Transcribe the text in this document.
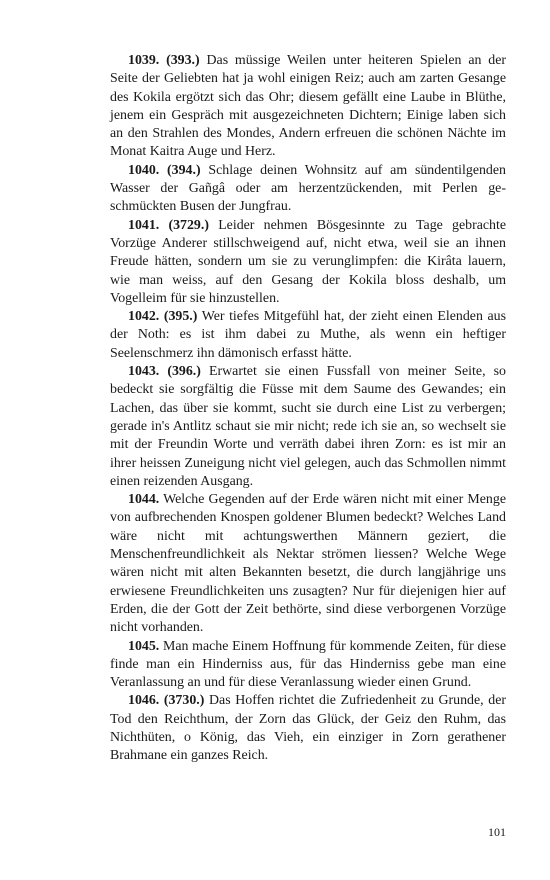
1039. (393.) Das müssige Weilen unter heiteren Spielen an der Seite der Geliebten hat ja wohl einigen Reiz; auch am zarten Gesange des Kokila ergötzt sich das Ohr; diesem gefällt eine Laube in Blüthe, jenem ein Gespräch mit ausgezeichneten Dichtern; Einige laben sich an den Strahlen des Mondes, Andern erfreuen die schönen Nächte im Monat Kaitra Auge und Herz.

1040. (394.) Schlage deinen Wohnsitz auf am sündentilgenden Wasser der Gañgâ oder am herzentzückenden, mit Perlen geschmückten Busen der Jungfrau.

1041. (3729.) Leider nehmen Bösgesinnte zu Tage gebrachte Vorzüge Anderer stillschweigend auf, nicht etwa, weil sie an ihnen Freude hätten, sondern um sie zu verunglimpfen: die Kirâta lauern, wie man weiss, auf den Gesang der Kokila bloss deshalb, um Vogelleim für sie hinzustellen.

1042. (395.) Wer tiefes Mitgefühl hat, der zieht einen Elenden aus der Noth: es ist ihm dabei zu Muthe, als wenn ein heftiger Seelenschmerz ihn dämonisch erfasst hätte.

1043. (396.) Erwartet sie einen Fussfall von meiner Seite, so bedeckt sie sorgfältig die Füsse mit dem Saume des Gewandes; ein Lachen, das über sie kommt, sucht sie durch eine List zu verbergen; gerade in's Antlitz schaut sie mir nicht; rede ich sie an, so wechselt sie mit der Freundin Worte und verräth dabei ihren Zorn: es ist mir an ihrer heissen Zuneigung nicht viel gelegen, auch das Schmollen nimmt einen reizenden Ausgang.

1044. Welche Gegenden auf der Erde wären nicht mit einer Menge von aufbrechenden Knospen goldener Blumen bedeckt? Welches Land wäre nicht mit achtungswerthen Männern geziert, die Menschenfreundlichkeit als Nektar strömen liessen? Welche Wege wären nicht mit alten Bekannten besetzt, die durch langjährige uns erwiesene Freundlichkeiten uns zusagten? Nur für diejenigen hier auf Erden, die der Gott der Zeit bethörte, sind diese verborgenen Vorzüge nicht vorhanden.

1045. Man mache Einem Hoffnung für kommende Zeiten, für diese finde man ein Hinderniss aus, für das Hinderniss gebe man eine Veranlassung an und für diese Veranlassung wieder einen Grund.

1046. (3730.) Das Hoffen richtet die Zufriedenheit zu Grunde, der Tod den Reichthum, der Zorn das Glück, der Geiz den Ruhm, das Nichthüten, o König, das Vieh, ein einziger in Zorn gerathener Brahmane ein ganzes Reich.

101
